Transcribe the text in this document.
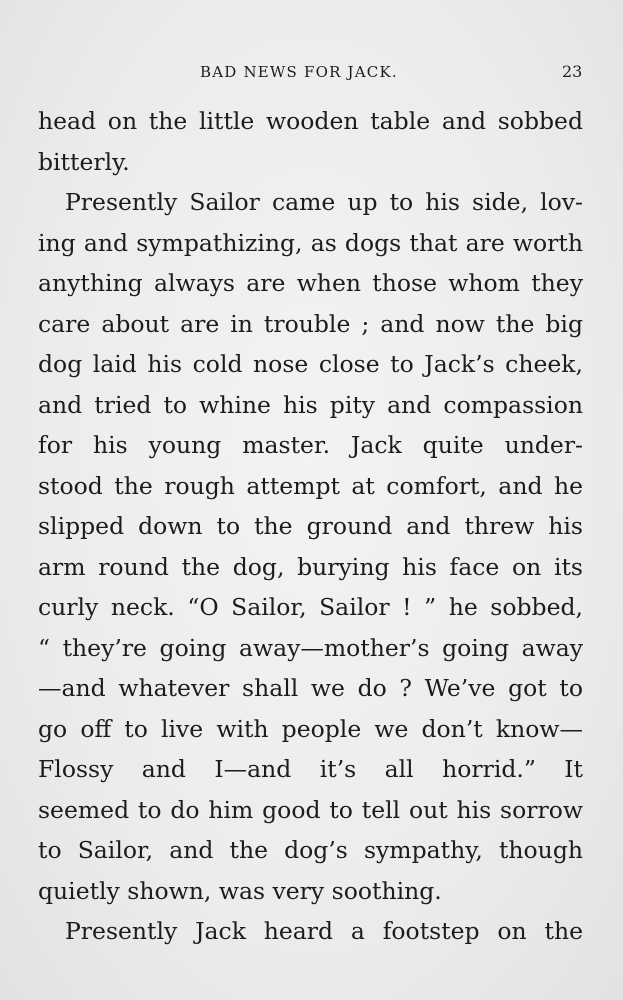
BAD NEWS FOR JACK.	23
head on the little wooden table and sobbed
bitterly.
Presently Sailor came up to his side, lov-
ing and sympathizing, as dogs that are worth
anything always are when those whom they
care about are in trouble ; and now the big
dog laid his cold nose close to Jack’s cheek,
and tried to whine his pity and compassion
for his young master. Jack quite under-
stood the rough attempt at comfort, and he
slipped down to the ground and threw his
arm round the dog, burying his face on its
curly neck. “O Sailor, Sailor ! ” he sobbed,
“ they’re going away—mother’s going away
—and whatever shall we do ? We’ve got to
go off to live with people we don’t know—
Flossy and I—and it’s all horrid.” It
seemed to do him good to tell out his sorrow
to Sailor, and the dog’s sympathy, though
quietly shown, was very soothing.
Presently Jack heard a footstep on the
